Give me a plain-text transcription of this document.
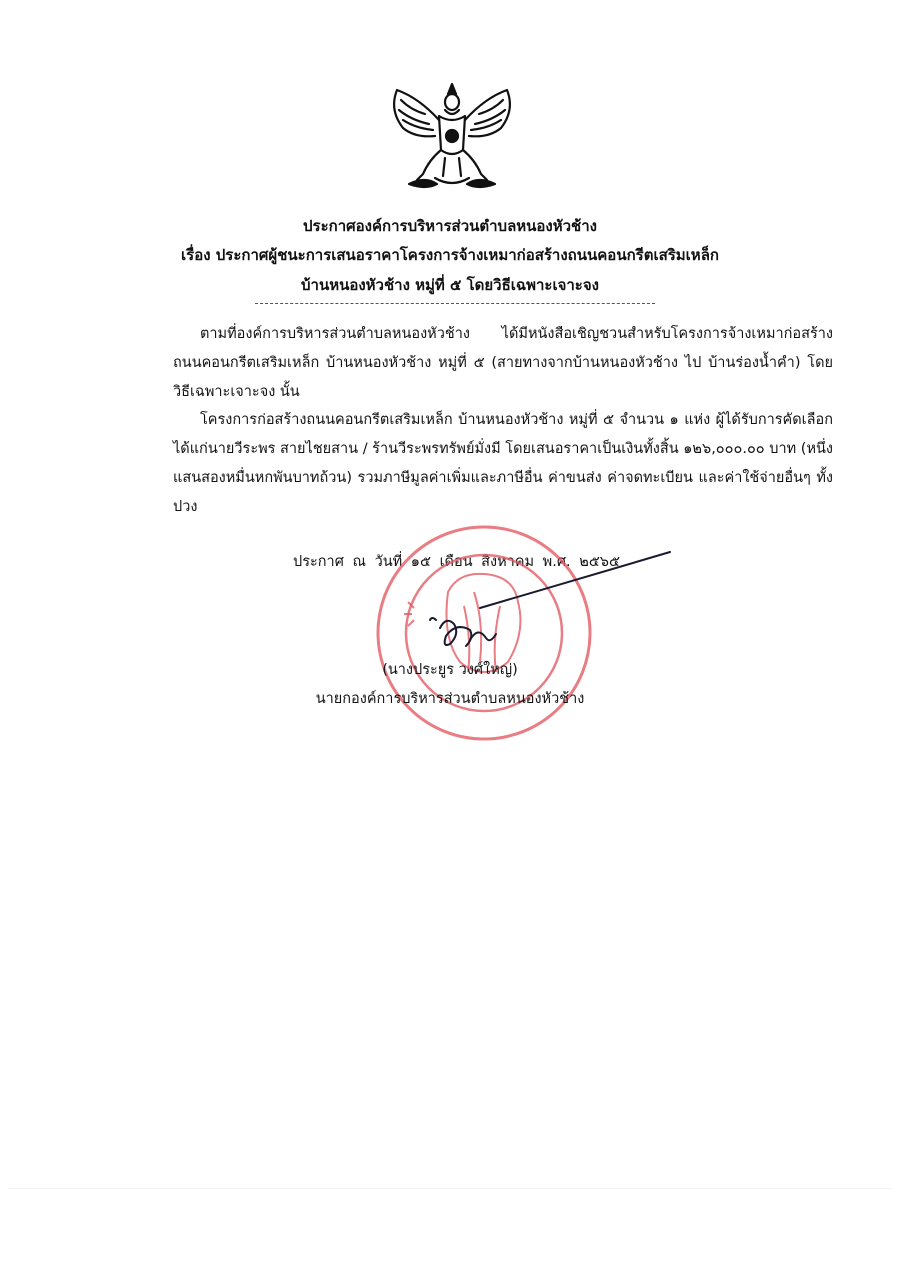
ประกาศองค์การบริหารส่วนตำบลหนองหัวช้าง
เรื่อง ประกาศผู้ชนะการเสนอราคาโครงการจ้างเหมาก่อสร้างถนนคอนกรีตเสริมเหล็ก
บ้านหนองหัวช้าง หมู่ที่ ๕ โดยวิธีเฉพาะเจาะจง
ตามที่องค์การบริหารส่วนตำบลหนองหัวช้าง ได้มีหนังสือเชิญชวนสำหรับโครงการจ้างเหมาก่อสร้างถนนคอนกรีตเสริมเหล็ก บ้านหนองหัวช้าง หมู่ที่ ๕ (สายทางจากบ้านหนองหัวช้าง ไป บ้านร่องน้ำคำ) โดยวิธีเฉพาะเจาะจง นั้น
โครงการก่อสร้างถนนคอนกรีตเสริมเหล็ก บ้านหนองหัวช้าง หมู่ที่ ๕ จำนวน ๑ แห่ง ผู้ได้รับการคัดเลือก ได้แก่นายวีระพร สายไชยสาน / ร้านวีระพรทรัพย์มั่งมี โดยเสนอราคาเป็นเงินทั้งสิ้น ๑๒๖,๐๐๐.๐๐ บาท (หนึ่งแสนสองหมื่นหกพันบาทถ้วน) รวมภาษีมูลค่าเพิ่มและภาษีอื่น ค่าขนส่ง ค่าจดทะเบียน และค่าใช้จ่ายอื่นๆ ทั้งปวง
ประกาศ ณ วันที่ ๑๕ เดือน สิงหาคม พ.ศ. ๒๕๖๕
(นางประยูร วงศ์ใหญ่)
นายกองค์การบริหารส่วนตำบลหนองหัวช้าง
